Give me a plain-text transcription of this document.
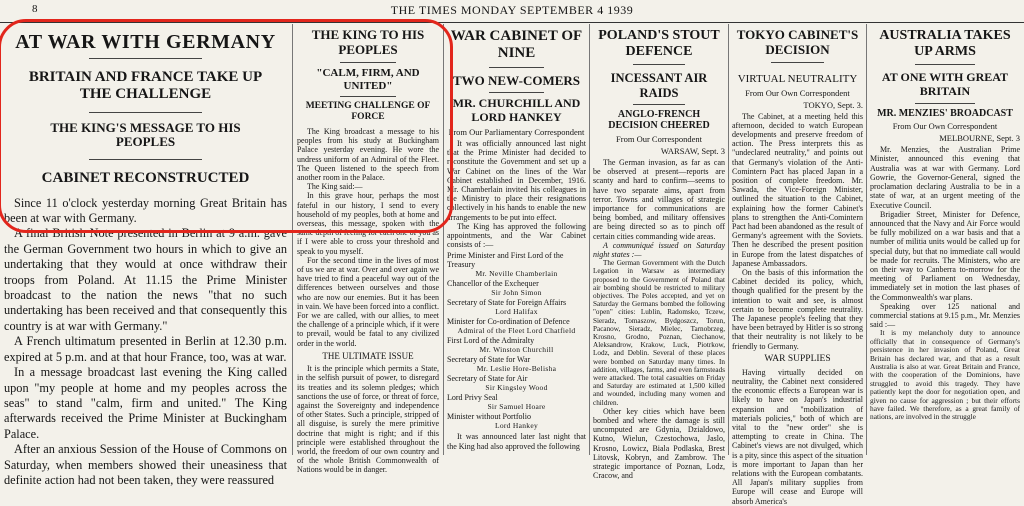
8	THE TIMES MONDAY SEPTEMBER 4 1939

AT WAR WITH GERMANY

BRITAIN AND FRANCE TAKE UP THE CHALLENGE

THE KING'S MESSAGE TO HIS PEOPLES

CABINET RECONSTRUCTED

Since 11 o'clock yesterday morning Great Britain has been at war with Germany.

A final British Note presented in Berlin at 9 a.m. gave the German Government two hours in which to give an undertaking that they would at once withdraw their troops from Poland. At 11.15 the Prime Minister broadcast to the nation the news "that no such undertaking has been received and that consequently this country is at war with Germany."

A French ultimatum presented in Berlin at 12.30 p.m. expired at 5 p.m. and at that hour France, too, was at war.

In a message broadcast last evening the King called upon "my people at home and my peoples across the seas" to stand "calm, firm and united." The King afterwards received the Prime Minister at Buckingham Palace.

After an anxious Session of the House of Commons on Saturday, when members showed their uneasiness that definite action had not been taken, they were reassured

THE KING TO HIS PEOPLES

"CALM, FIRM, AND UNITED"

MEETING CHALLENGE OF FORCE

The King broadcast a message to his peoples from his study at Buckingham Palace yesterday evening. He wore the undress uniform of an Admiral of the Fleet. The Queen listened to the speech from another room in the Palace.

The King said:—

In this grave hour, perhaps the most fateful in our history, I send to every household of my peoples, both at home and overseas, this message, spoken with the same depth of feeling for each one of you as if I were able to cross your threshold and speak to you myself.

For the second time in the lives of most of us we are at war. Over and over again we have tried to find a peaceful way out of the differences between ourselves and those who are now our enemies. But it has been in vain. We have been forced into a conflict. For we are called, with our allies, to meet the challenge of a principle which, if it were to prevail, would be fatal to any civilized order in the world.

THE ULTIMATE ISSUE

It is the principle which permits a State, in the selfish pursuit of power, to disregard its treaties and its solemn pledges; which sanctions the use of force, or threat of force, against the Sovereignty and independence of other States. Such a principle, stripped of all disguise, is surely the mere primitive doctrine that might is right; and if this principle were established throughout the world, the freedom of our own country and of the whole British Commonwealth of Nations would be in danger.

WAR CABINET OF NINE

TWO NEW-COMERS

MR. CHURCHILL AND LORD HANKEY

From Our Parliamentary Correspondent

It was officially announced last night that the Prime Minister had decided to reconstitute the Government and set up a War Cabinet on the lines of the War Cabinet established in December, 1916. Mr. Chamberlain invited his colleagues in the Ministry to place their resignations collectively in his hands to enable the new arrangements to be put into effect.

The King has approved the following appointments, and the War Cabinet consists of :—

Prime Minister and First Lord of the Treasury
Mr. Neville Chamberlain

Chancellor of the Exchequer
Sir John Simon

Secretary of State for Foreign Affairs
Lord Halifax

Minister for Co-ordination of Defence
Admiral of the Fleet Lord Chatfield

First Lord of the Admiralty
Mr. Winston Churchill

Secretary of State for War
Mr. Leslie Hore-Belisha

Secretary of State for Air
Sir Kingsley Wood

Lord Privy Seal
Sir Samuel Hoare

Minister without Portfolio
Lord Hankey

It was announced later last night that the King had also approved the following

POLAND'S STOUT DEFENCE

INCESSANT AIR RAIDS

ANGLO-FRENCH DECISION CHEERED

From Our Correspondent

WARSAW, Sept. 3

The German invasion, as far as can be observed at present—reports are scanty and hard to confirm—seems to have two separate aims, apart from terror. Towns and villages of strategic importance for communications are being bombed, and military offensives are being directed so as to pinch off certain cities commanding wide areas.

A communiqué issued on Saturday night states :—

The German Government with the Dutch Legation in Warsaw as intermediary proposed to the Government of Poland that air bombing should be restricted to military objectives. The Poles accepted, and yet on Saturday the Germans bombed the following "open" cities: Lublin, Radomsko, Tczew, Sieradz, Tomaszow, Bydgoszcz, Torun, Pacanow, Sieradz, Mielec, Tarnobrzeg, Krosno, Grodno, Poznan, Ciechanow, Aleksandrow, Krakow, Luck, Piotrkow, Lodz, and Deblin. Several of these places were bombed on Saturday many times. In addition, villages, farms, and even farmsteads were attacked. The total casualties on Friday and Saturday are estimated at 1,500 killed and wounded, including many women and children.

Other key cities which have been bombed and where the damage is still uncomputed are Gdynia, Dzialdowo, Kutno, Wielun, Czestochowa, Jaslo, Krosno, Lowicz, Biala Podlaska, Brest Litovsk, Kobryn, and Zambrow. The strategic importance of Poznan, Lodz, Cracow, and

TOKYO CABINET'S DECISION

VIRTUAL NEUTRALITY

From Our Own Correspondent

TOKYO, Sept. 3.

The Cabinet, at a meeting held this afternoon, decided to watch European developments and preserve freedom of action. The Press interprets this as "undeclared neutrality," and points out that Germany's violation of the Anti-Comintern Pact has placed Japan in a position of complete freedom. Mr. Sawada, the Vice-Foreign Minister, outlined the situation to the Cabinet, explaining how the former Cabinet's plans to strengthen the Anti-Comintern Pact had been abandoned as the result of Germany's agreement with the Soviets. Then he described the present position in Europe from the latest dispatches of Japanese Ambassadors.

On the basis of this information the Cabinet decided its policy, which, though qualified for the present by the intention to wait and see, is almost certain to become complete neutrality. The Japanese people's feeling that they have been betrayed by Hitler is so strong that their neutrality is not likely to be friendly to Germany.

WAR SUPPLIES

Having virtually decided on neutrality, the Cabinet next considered the economic effects a European war is likely to have on Japan's industrial expansion and "mobilization of materials policies," both of which are vital to the "new order" she is attempting to create in China. The Cabinet's views are not divulged, which is a pity, since this aspect of the situation is more important to Japan than her relations with the European combatants. All Japan's military supplies from Europe will cease and Europe will absorb America's

AUSTRALIA TAKES UP ARMS

AT ONE WITH GREAT BRITAIN

MR. MENZIES' BROADCAST

From Our Own Correspondent

MELBOURNE, Sept. 3

Mr. Menzies, the Australian Prime Minister, announced this evening that Australia was at war with Germany. Lord Gowrie, the Governor-General, signed the proclamation declaring Australia to be in a state of war, at an urgent meeting of the Executive Council.

Brigadier Street, Minister for Defence, announced that the Navy and Air Force would be fully mobilized on a war basis and that a number of militia units would be called up for special duty, but that no immediate call would be made for recruits. The Ministers, who are on their way to Canberra to-morrow for the meeting of Parliament on Wednesday, immediately set in motion the last phases of the Commonwealth's war plans.

Speaking over 125 national and commercial stations at 9.15 p.m., Mr. Menzies said :—

It is my melancholy duty to announce officially that in consequence of Germany's persistence in her invasion of Poland, Great Britain has declared war, and that as a result Australia is also at war. Great Britain and France, with the cooperation of the Dominions, have struggled to avoid this tragedy. They have patiently kept the door for negotiation open, and given no cause for aggression ; but their efforts have failed. We therefore, as a great family of nations, are involved in the struggle
